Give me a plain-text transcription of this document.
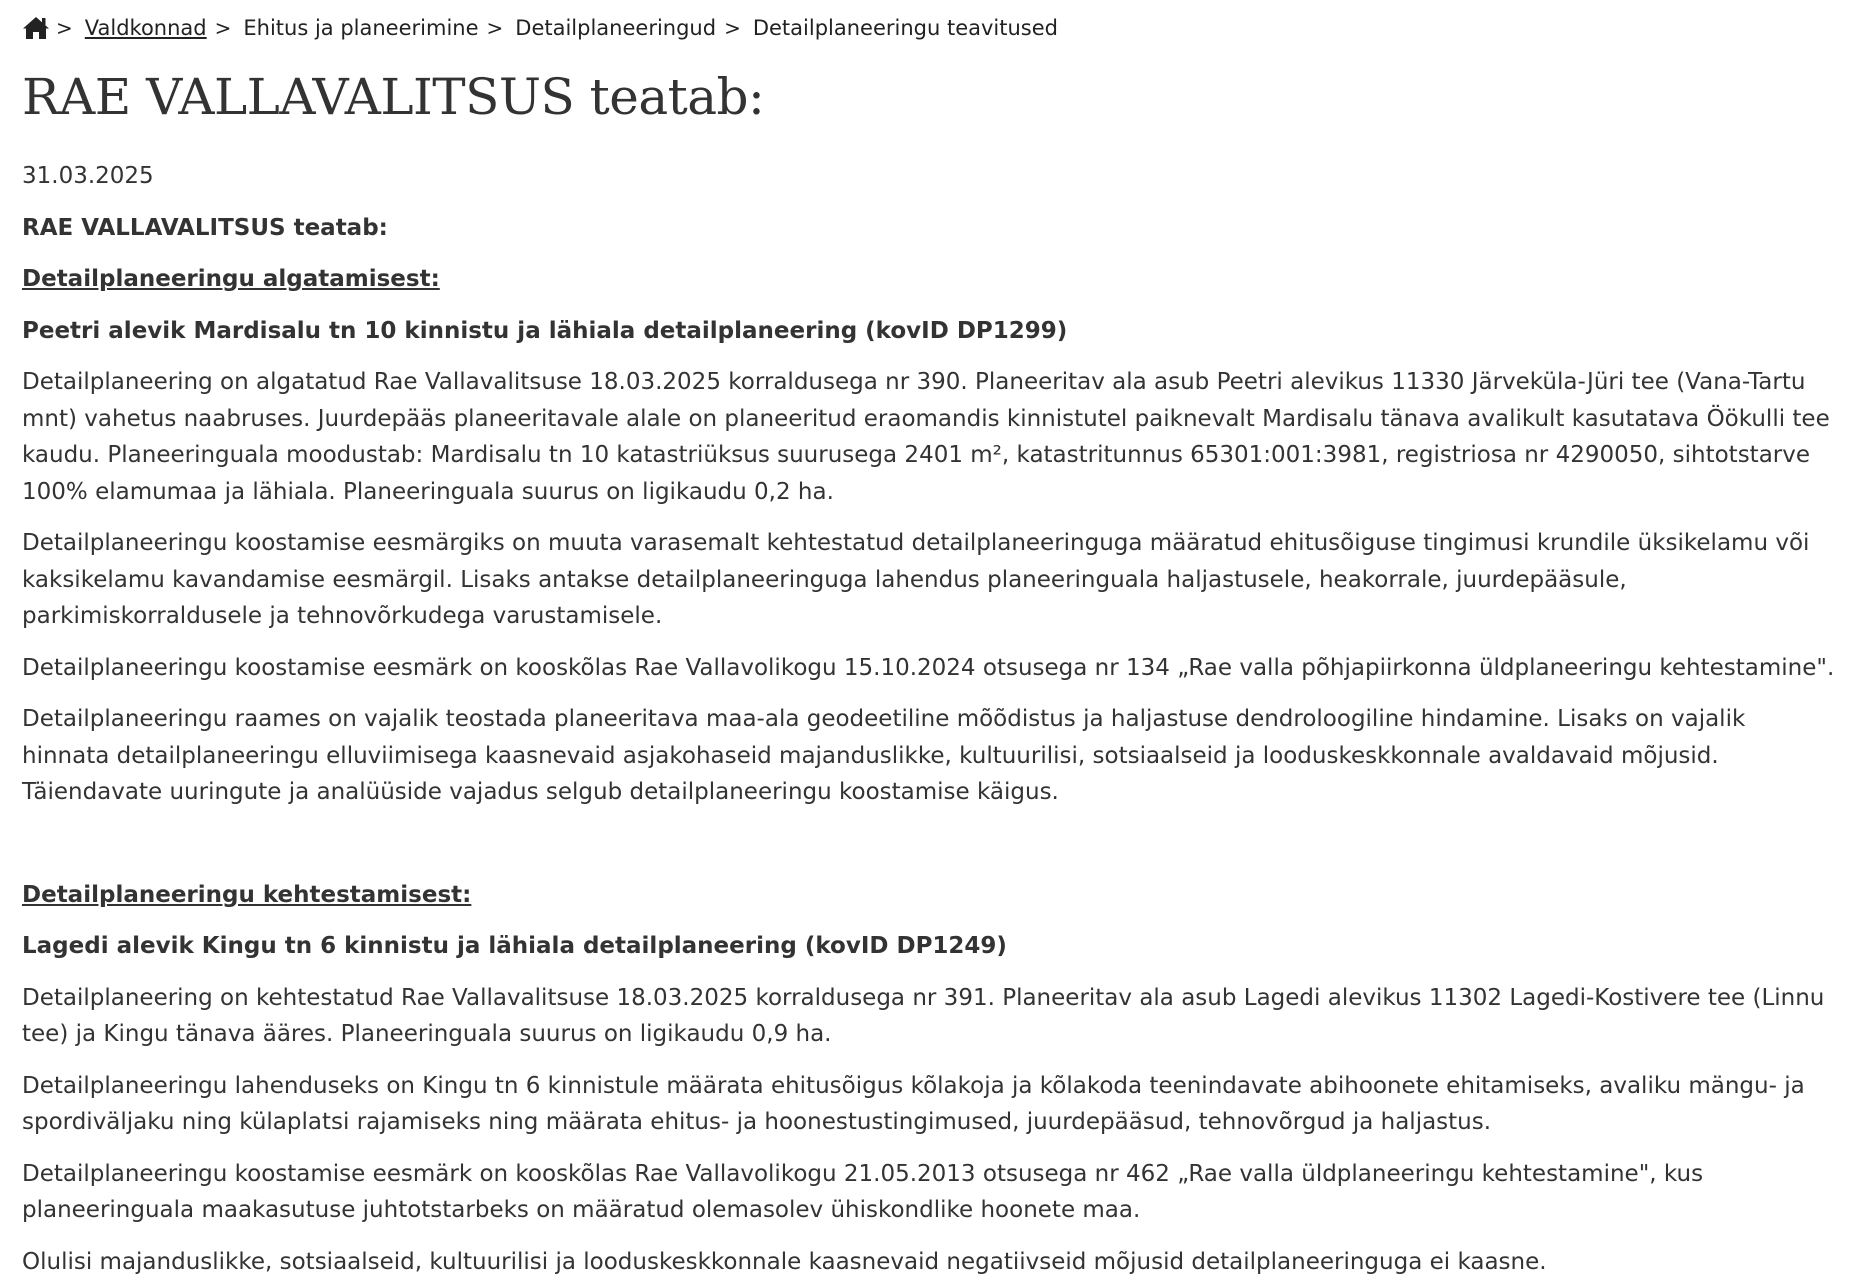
> Valdkonnad > Ehitus ja planeerimine > Detailplaneeringud > Detailplaneeringu teavitused
RAE VALLAVALITSUS teatab:

31.03.2025

RAE VALLAVALITSUS teatab:

Detailplaneeringu algatamisest:

Peetri alevik Mardisalu tn 10 kinnistu ja lähiala detailplaneering (kovID DP1299)

Detailplaneering on algatatud Rae Vallavalitsuse 18.03.2025 korraldusega nr 390. Planeeritav ala asub Peetri alevikus 11330 Järveküla-Jüri tee (Vana-Tartu mnt) vahetus naabruses. Juurdepääs planeeritavale alale on planeeritud eraomandis kinnistutel paiknevalt Mardisalu tänava avalikult kasutatava Öökulli tee kaudu. Planeeringuala moodustab: Mardisalu tn 10 katastriüksus suurusega 2401 m², katastritunnus 65301:001:3981, registriosa nr 4290050, sihtotstarve 100% elamumaa ja lähiala. Planeeringuala suurus on ligikaudu 0,2 ha.

Detailplaneeringu koostamise eesmärgiks on muuta varasemalt kehtestatud detailplaneeringuga määratud ehitusõiguse tingimusi krundile üksikelamu või kaksikelamu kavandamise eesmärgil. Lisaks antakse detailplaneeringuga lahendus planeeringuala haljastusele, heakorrale, juurdepääsule, parkimiskorraldusele ja tehnovõrkudega varustamisele.

Detailplaneeringu koostamise eesmärk on kooskõlas Rae Vallavolikogu 15.10.2024 otsusega nr 134 „Rae valla põhjapiirkonna üldplaneeringu kehtestamine".

Detailplaneeringu raames on vajalik teostada planeeritava maa-ala geodeetiline mõõdistus ja haljastuse dendroloogiline hindamine. Lisaks on vajalik hinnata detailplaneeringu elluviimisega kaasnevaid asjakohaseid majanduslikke, kultuurilisi, sotsiaalseid ja looduskeskkonnale avaldavaid mõjusid. Täiendavate uuringute ja analüüside vajadus selgub detailplaneeringu koostamise käigus.

Detailplaneeringu kehtestamisest:

Lagedi alevik Kingu tn 6 kinnistu ja lähiala detailplaneering (kovID DP1249)

Detailplaneering on kehtestatud Rae Vallavalitsuse 18.03.2025 korraldusega nr 391. Planeeritav ala asub Lagedi alevikus 11302 Lagedi-Kostivere tee (Linnu tee) ja Kingu tänava ääres. Planeeringuala suurus on ligikaudu 0,9 ha.

Detailplaneeringu lahenduseks on Kingu tn 6 kinnistule määrata ehitusõigus kõlakoja ja kõlakoda teenindavate abihoonete ehitamiseks, avaliku mängu- ja spordiväljaku ning külaplatsi rajamiseks ning määrata ehitus- ja hoonestustingimused, juurdepääsud, tehnovõrgud ja haljastus.

Detailplaneeringu koostamise eesmärk on kooskõlas Rae Vallavolikogu 21.05.2013 otsusega nr 462 „Rae valla üldplaneeringu kehtestamine", kus planeeringuala maakasutuse juhtotstarbeks on määratud olemasolev ühiskondlike hoonete maa.

Olulisi majanduslikke, sotsiaalseid, kultuurilisi ja looduskeskkonnale kaasnevaid negatiivseid mõjusid detailplaneeringuga ei kaasne.
